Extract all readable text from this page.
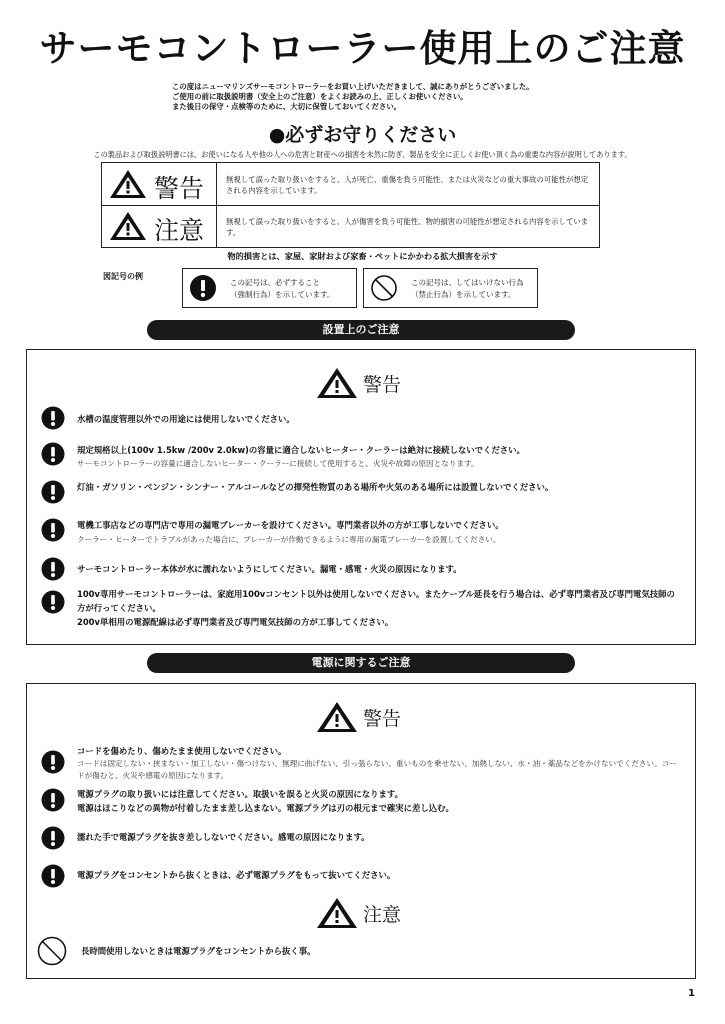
サーモコントローラー使用上のご注意
この度はニューマリンズサーモコントローラーをお買い上げいただきまして、誠にありがとうございました。
ご使用の前に取扱説明書（安全上のご注意）をよくお読みの上、正しくお使いください。
また後日の保守・点検等のために、大切に保管しておいてください。
●必ずお守りください
この製品および取扱説明書には、お使いになる人や他の人への危害と財産への損害を未然に防ぎ、製品を安全に正しくお使い頂く為の重要な内容が説明してあります。
警告	無視して誤った取り扱いをすると、人が死亡、重傷を負う可能性、または火災などの重大事故の可能性が想定される内容を示しています。
注意	無視して誤った取り扱いをすると、人が傷害を負う可能性、物的損害の可能性が想定される内容を示しています。
物的損害とは、家屋、家財および家畜・ペットにかかわる拡大損害を示す
図記号の例
この記号は、必ずすること
（強制行為）を示しています。
この記号は、してはいけない行為
（禁止行為）を示しています。
設置上のご注意
警告
水槽の温度管理以外での用途には使用しないでください。
規定規格以上(100v 1.5kw /200v 2.0kw)の容量に適合しないヒーター・クーラーは絶対に接続しないでください。
サーモコントローラーの容量に適合しないヒーター・クーラーに接続して使用すると、火災や故障の原因となります。
灯油・ガソリン・ベンジン・シンナー・アルコールなどの揮発性物質のある場所や火気のある場所には設置しないでください。
電機工事店などの専門店で専用の漏電ブレーカーを設けてください。専門業者以外の方が工事しないでください。
クーラー・ヒーターでトラブルがあった場合に、ブレーカーが作動できるように専用の漏電ブレーカーを設置してください。
サーモコントローラー本体が水に濡れないようにしてください。漏電・感電・火災の原因になります。
100v専用サーモコントローラーは、家庭用100vコンセント以外は使用しないでください。またケーブル延長を行う場合は、必ず専門業者及び専門電気技師の方が行ってください。
200v単相用の電源配線は必ず専門業者及び専門電気技師の方が工事してください。
電源に関するご注意
警告
コードを傷めたり、傷めたまま使用しないでください。
コードは固定しない・挟まない・加工しない・傷つけない、無理に曲げない、引っ張らない、重いものを乗せない、加熱しない、水・油・薬品などをかけないでください。コードが傷むと、火災や感電の原因になります。
電源プラグの取り扱いには注意してください。取扱いを誤ると火災の原因になります。
電源はほこりなどの異物が付着したまま差し込まない。電源プラグは刃の根元まで確実に差し込む。
濡れた手で電源プラグを抜き差ししないでください。感電の原因になります。
電源プラグをコンセントから抜くときは、必ず電源プラグをもって抜いてください。
注意
長時間使用しないときは電源プラグをコンセントから抜く事。
1
